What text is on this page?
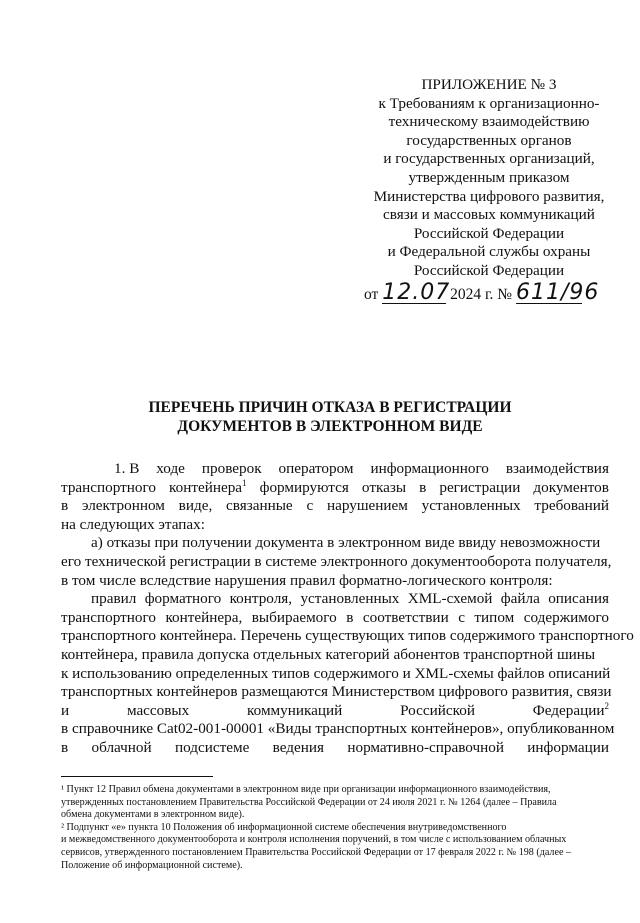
ПРИЛОЖЕНИЕ № 3
к Требованиям к организационно-
техническому взаимодействию
государственных органов
и государственных организаций,
утвержденным приказом
Министерства цифрового развития,
связи и массовых коммуникаций
Российской Федерации
и Федеральной службы охраны
Российской Федерации
от 12.07 2024 г. № 611/96
ПЕРЕЧЕНЬ ПРИЧИН ОТКАЗА В РЕГИСТРАЦИИ
ДОКУМЕНТОВ В ЭЛЕКТРОННОМ ВИДЕ
1. В ходе проверок оператором информационного взаимодействия
транспортного контейнера$^1$ формируются отказы в регистрации документов
в электронном виде, связанные с нарушением установленных требований
на следующих этапах:
а) отказы при получении документа в электронном виде ввиду невозможности
его технической регистрации в системе электронного документооборота получателя,
в том числе вследствие нарушения правил форматно-логического контроля:
правил форматного контроля, установленных XML-схемой файла описания
транспортного контейнера, выбираемого в соответствии с типом содержимого
транспортного контейнера. Перечень существующих типов содержимого транспортного
контейнера, правила допуска отдельных категорий абонентов транспортной шины
к использованию определенных типов содержимого и XML-схемы файлов описаний
транспортных контейнеров размещаются Министерством цифрового развития, связи
и	массовых	коммуникаций	Российской	Федерации$^2$
в справочнике Cat02-001-00001 «Виды транспортных контейнеров», опубликованном
в облачной подсистеме ведения нормативно-справочной информации
¹ Пункт 12 Правил обмена документами в электронном виде при организации информационного взаимодействия,
утвержденных постановлением Правительства Российской Федерации от 24 июля 2021 г. № 1264 (далее – Правила
обмена документами в электронном виде).
² Подпункт «е» пункта 10 Положения об информационной системе обеспечения внутриведомственного
и межведомственного документооборота и контроля исполнения поручений, в том числе с использованием облачных
сервисов, утвержденного постановлением Правительства Российской Федерации от 17 февраля 2022 г. № 198 (далее –
Положение об информационной системе).
